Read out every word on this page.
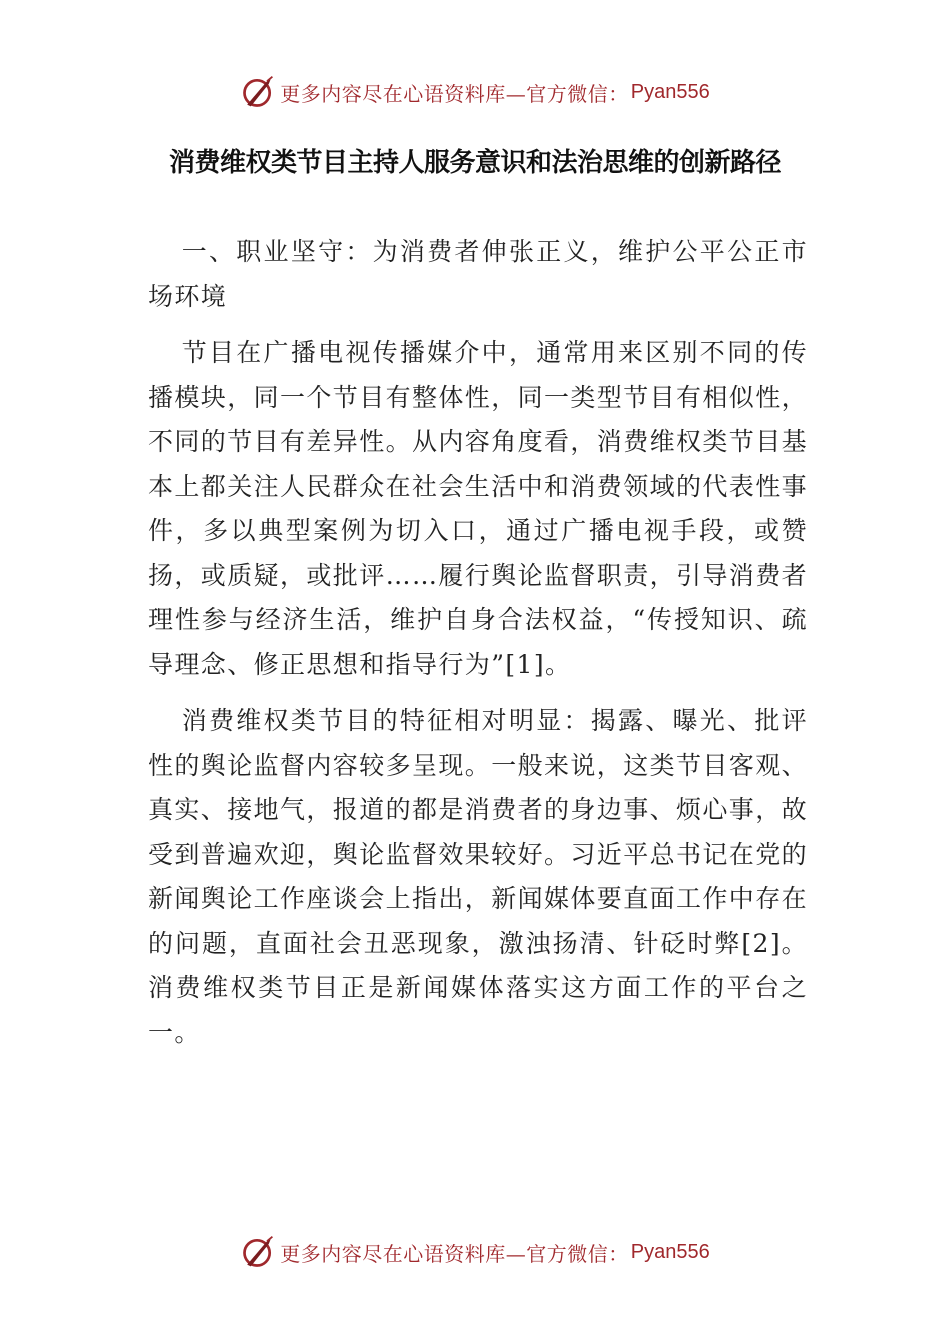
更多内容尽在心语资料库—官方微信： Pyan556
消费维权类节目主持人服务意识和法治思维的创新路径

一、职业坚守：为消费者伸张正义，维护公平公正市场环境

节目在广播电视传播媒介中，通常用来区别不同的传播模块，同一个节目有整体性，同一类型节目有相似性，不同的节目有差异性。从内容角度看，消费维权类节目基本上都关注人民群众在社会生活中和消费领域的代表性事件，多以典型案例为切入口，通过广播电视手段，或赞扬，或质疑，或批评……履行舆论监督职责，引导消费者理性参与经济生活，维护自身合法权益，“传授知识、疏导理念、修正思想和指导行为”[1]。

消费维权类节目的特征相对明显：揭露、曝光、批评性的舆论监督内容较多呈现。一般来说，这类节目客观、真实、接地气，报道的都是消费者的身边事、烦心事，故受到普遍欢迎，舆论监督效果较好。习近平总书记在党的新闻舆论工作座谈会上指出，新闻媒体要直面工作中存在的问题，直面社会丑恶现象，激浊扬清、针砭时弊[2]。消费维权类节目正是新闻媒体落实这方面工作的平台之一。

更多内容尽在心语资料库—官方微信： Pyan556
